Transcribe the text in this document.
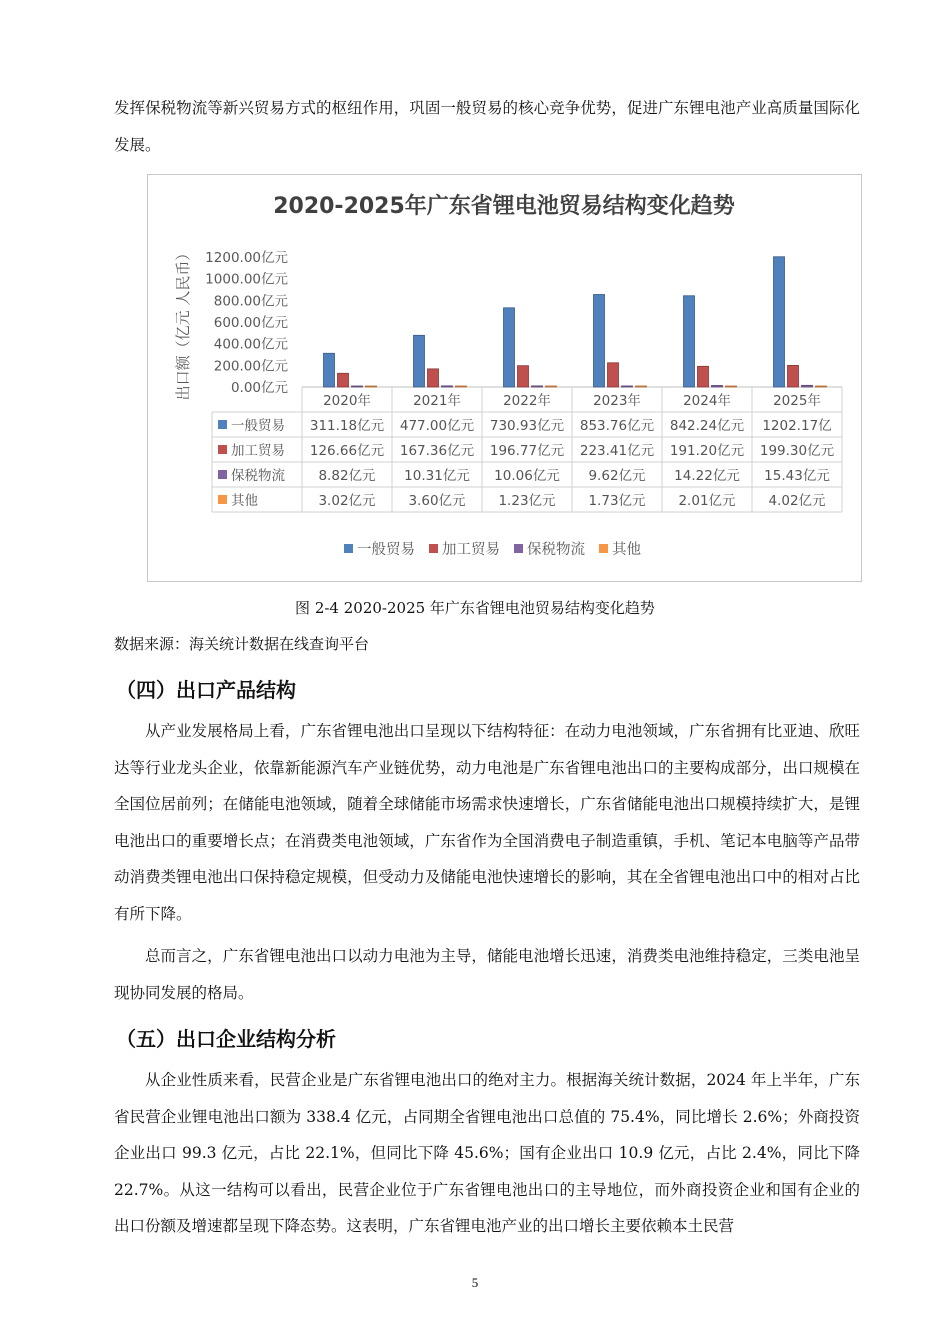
发挥保税物流等新兴贸易方式的枢纽作用，巩固一般贸易的核心竞争优势，促进广东锂电池产业高质量国际化发展。

2020-2025年广东省锂电池贸易结构变化趋势
出口额（亿元 人民币）	0.00亿元
200.00亿元
400.00亿元
600.00亿元
800.00亿元
1000.00亿元
1200.00亿元
2020年	2021年	2022年	2023年	2024年	2025年
一般贸易 311.18亿元 477.00亿元 730.93亿元 853.76亿元 842.24亿元 1202.17亿
加工贸易 126.66亿元 167.36亿元 196.77亿元 223.41亿元 191.20亿元 199.30亿元
保税物流 8.82亿元 10.31亿元 10.06亿元 9.62亿元 14.22亿元 15.43亿元
其他	3.02亿元 3.60亿元 1.23亿元 1.73亿元 2.01亿元 4.02亿元
一般贸易 加工贸易 保税物流 其他
图 2-4 2020-2025 年广东省锂电池贸易结构变化趋势
数据来源：海关统计数据在线查询平台
（四）出口产品结构

从产业发展格局上看，广东省锂电池出口呈现以下结构特征：在动力电池领域，广东省拥有比亚迪、欣旺达等行业龙头企业，依靠新能源汽车产业链优势，动力电池是广东省锂电池出口的主要构成部分，出口规模在全国位居前列；在储能电池领域，随着全球储能市场需求快速增长，广东省储能电池出口规模持续扩大，是锂电池出口的重要增长点；在消费类电池领域，广东省作为全国消费电子制造重镇，手机、笔记本电脑等产品带动消费类锂电池出口保持稳定规模，但受动力及储能电池快速增长的影响，其在全省锂电池出口中的相对占比有所下降。

总而言之，广东省锂电池出口以动力电池为主导，储能电池增长迅速，消费类电池维持稳定，三类电池呈现协同发展的格局。

（五）出口企业结构分析

从企业性质来看，民营企业是广东省锂电池出口的绝对主力。根据海关统计数据，2024 年上半年，广东省民营企业锂电池出口额为 338.4 亿元，占同期全省锂电池出口总值的 75.4%，同比增长 2.6%；外商投资企业出口 99.3 亿元，占比 22.1%，但同比下降 45.6%；国有企业出口 10.9 亿元，占比 2.4%，同比下降 22.7%。从这一结构可以看出，民营企业位于广东省锂电池出口的主导地位，而外商投资企业和国有企业的出口份额及增速都呈现下降态势。这表明，广东省锂电池产业的出口增长主要依赖本土民营

5
